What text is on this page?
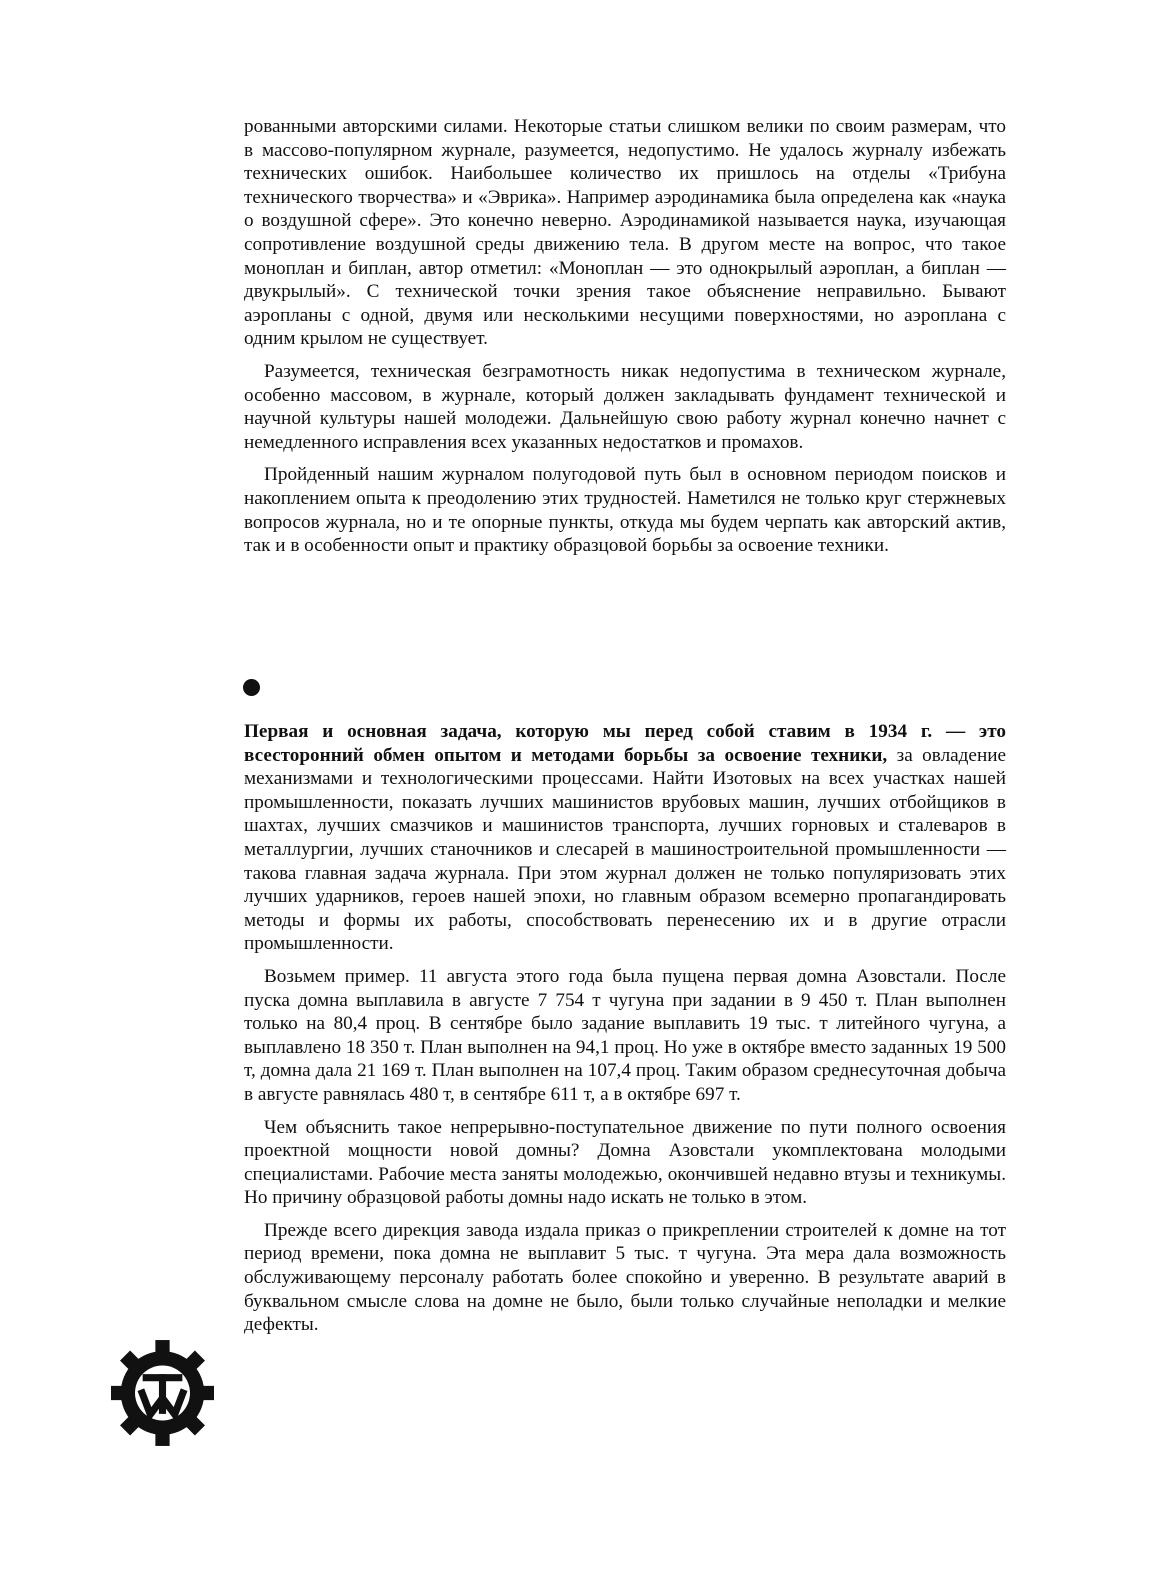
рованными авторскими силами. Некоторые статьи слишком велики по своим размерам, что в массово-популярном журнале, разумеется, недопустимо. Не удалось журналу избежать технических ошибок. Наибольшее количество их пришлось на отделы «Трибуна технического творчества» и «Эврика». Например аэродинамика была определена как «наука о воздушной сфере». Это конечно неверно. Аэродинамикой называется наука, изучающая сопротивление воздушной среды движению тела. В другом месте на вопрос, что такое моноплан и биплан, автор отметил: «Моноплан — это однокрылый аэроплан, а биплан — двукрылый». С технической точки зрения такое объяснение неправильно. Бывают аэропланы с одной, двумя или несколькими несущими поверхностями, но аэроплана с одним крылом не существует.

Разумеется, техническая безграмотность никак недопустима в техническом журнале, особенно массовом, в журнале, который должен закладывать фундамент технической и научной культуры нашей молодежи. Дальнейшую свою работу журнал конечно начнет с немедленного исправления всех указанных недостатков и промахов.

Пройденный нашим журналом полугодовой путь был в основном периодом поисков и накоплением опыта к преодолению этих трудностей. Наметился не только круг стержневых вопросов журнала, но и те опорные пункты, откуда мы будем черпать как авторский актив, так и в особенности опыт и практику образцовой борьбы за освоение техники.

Первая и основная задача, которую мы перед собой ставим в 1934 г. — это всесторонний обмен опытом и методами борьбы за освоение техники, за овладение механизмами и технологическими процессами. Найти Изотовых на всех участках нашей промышленности, показать лучших машинистов врубовых машин, лучших отбойщиков в шахтах, лучших смазчиков и машинистов транспорта, лучших горновых и сталеваров в металлургии, лучших станочников и слесарей в машиностроительной промышленности — такова главная задача журнала. При этом журнал должен не только популяризовать этих лучших ударников, героев нашей эпохи, но главным образом всемерно пропагандировать методы и формы их работы, способствовать перенесению их и в другие отрасли промышленности.

Возьмем пример. 11 августа этого года была пущена первая домна Азовстали. После пуска домна выплавила в августе 7 754 т чугуна при задании в 9 450 т. План выполнен только на 80,4 проц. В сентябре было задание выплавить 19 тыс. т литейного чугуна, а выплавлено 18 350 т. План выполнен на 94,1 проц. Но уже в октябре вместо заданных 19 500 т, домна дала 21 169 т. План выполнен на 107,4 проц. Таким образом среднесуточная добыча в августе равнялась 480 т, в сентябре 611 т, а в октябре 697 т.

Чем объяснить такое непрерывно-поступательное движение по пути полного освоения проектной мощности новой домны? Домна Азовстали укомплектована молодыми специалистами. Рабочие места заняты молодежью, окончившей недавно втузы и техникумы. Но причину образцовой работы домны надо искать не только в этом.

Прежде всего дирекция завода издала приказ о прикреплении строителей к домне на тот период времени, пока домна не выплавит 5 тыс. т чугуна. Эта мера дала возможность обслуживающему персоналу работать более спокойно и уверенно. В результате аварий в буквальном смысле слова на домне не было, были только случайные неполадки и мелкие дефекты.
